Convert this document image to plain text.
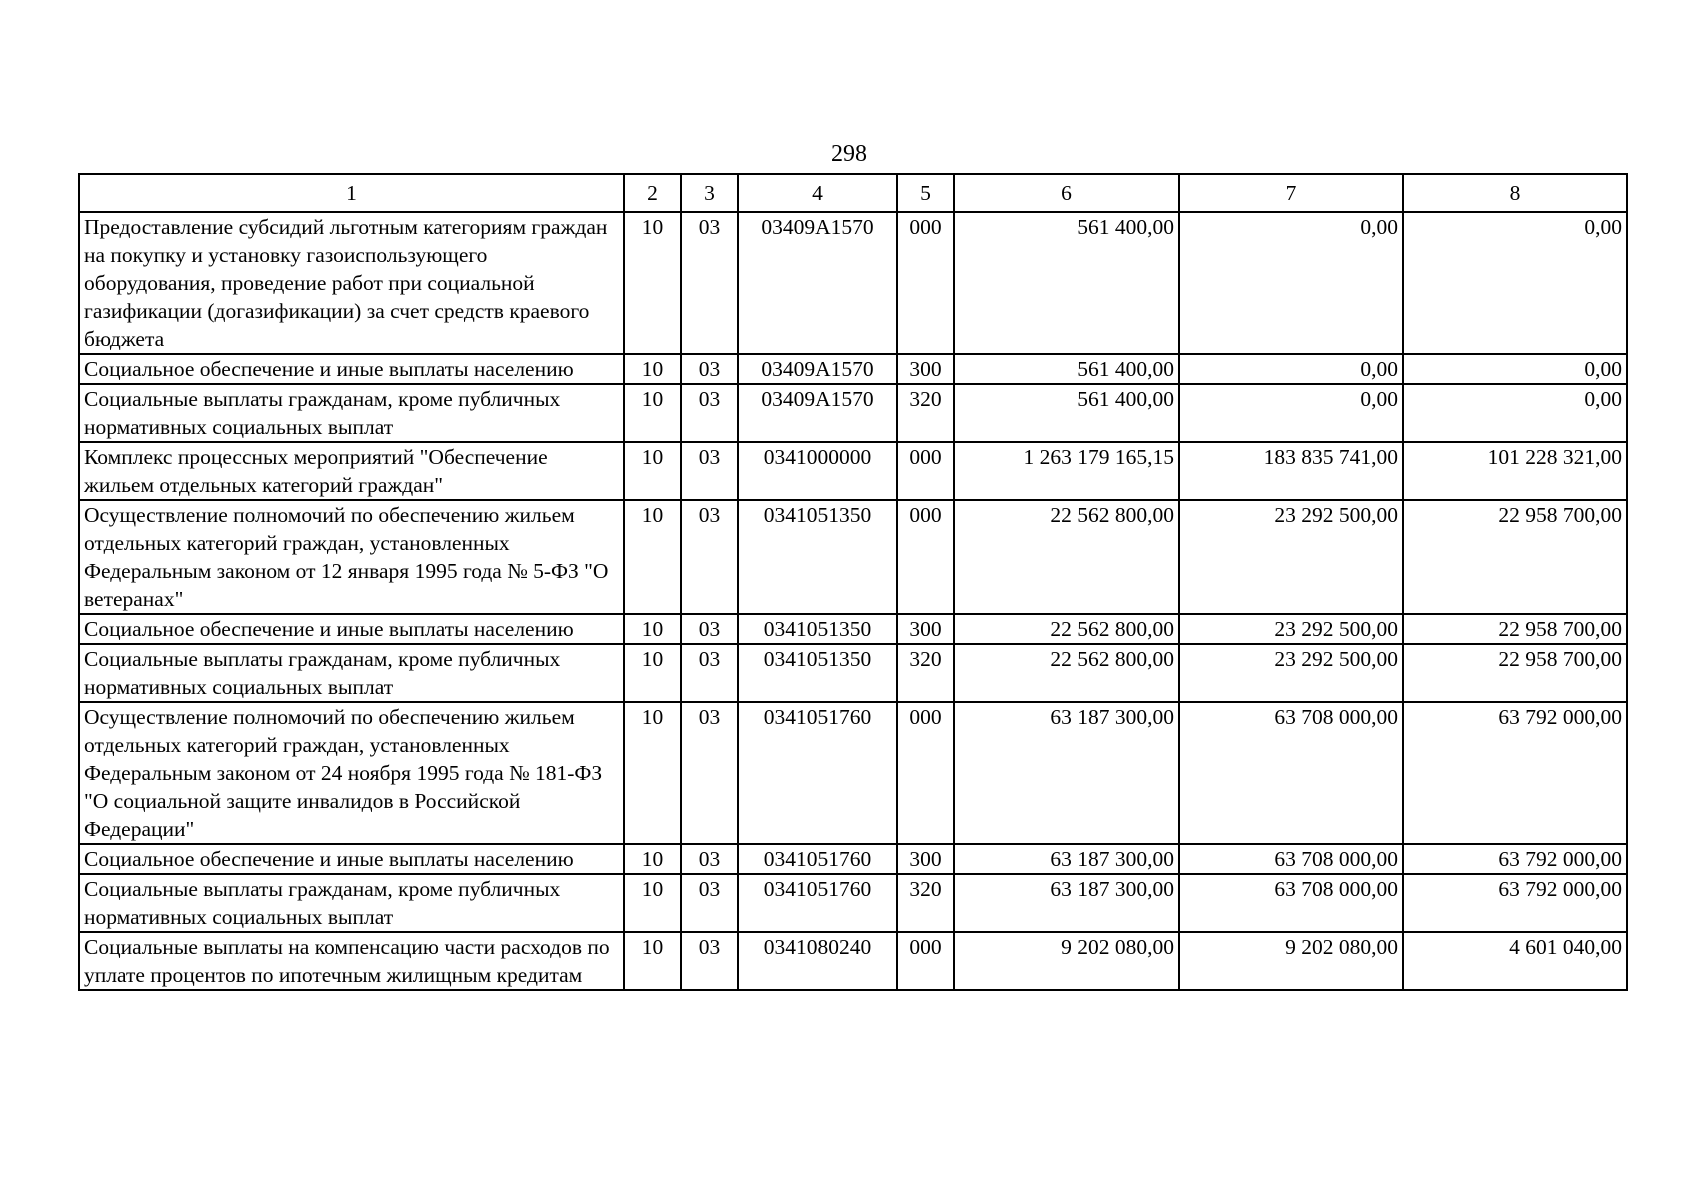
298
1	2	3	4	5	6	7	8
Предоставление субсидий льготным категориям граждан на покупку и установку газоиспользующего оборудования, проведение работ при социальной газификации (догазификации) за счет средств краевого бюджета	10	03	03409А1570	000	561 400,00	0,00	0,00
Социальное обеспечение и иные выплаты населению	10	03	03409А1570	300	561 400,00	0,00	0,00
Социальные выплаты гражданам, кроме публичных нормативных социальных выплат	10	03	03409А1570	320	561 400,00	0,00	0,00
Комплекс процессных мероприятий "Обеспечение жильем отдельных категорий граждан"	10	03	0341000000	000	1 263 179 165,15	183 835 741,00	101 228 321,00
Осуществление полномочий по обеспечению жильем отдельных категорий граждан, установленных Федеральным законом от 12 января 1995 года № 5-ФЗ "О ветеранах"	10	03	0341051350	000	22 562 800,00	23 292 500,00	22 958 700,00
Социальное обеспечение и иные выплаты населению	10	03	0341051350	300	22 562 800,00	23 292 500,00	22 958 700,00
Социальные выплаты гражданам, кроме публичных нормативных социальных выплат	10	03	0341051350	320	22 562 800,00	23 292 500,00	22 958 700,00
Осуществление полномочий по обеспечению жильем отдельных категорий граждан, установленных Федеральным законом от 24 ноября 1995 года № 181-ФЗ "О социальной защите инвалидов в Российской Федерации"	10	03	0341051760	000	63 187 300,00	63 708 000,00	63 792 000,00
Социальное обеспечение и иные выплаты населению	10	03	0341051760	300	63 187 300,00	63 708 000,00	63 792 000,00
Социальные выплаты гражданам, кроме публичных нормативных социальных выплат	10	03	0341051760	320	63 187 300,00	63 708 000,00	63 792 000,00
Социальные выплаты на компенсацию части расходов по уплате процентов по ипотечным жилищным кредитам	10	03	0341080240	000	9 202 080,00	9 202 080,00	4 601 040,00
